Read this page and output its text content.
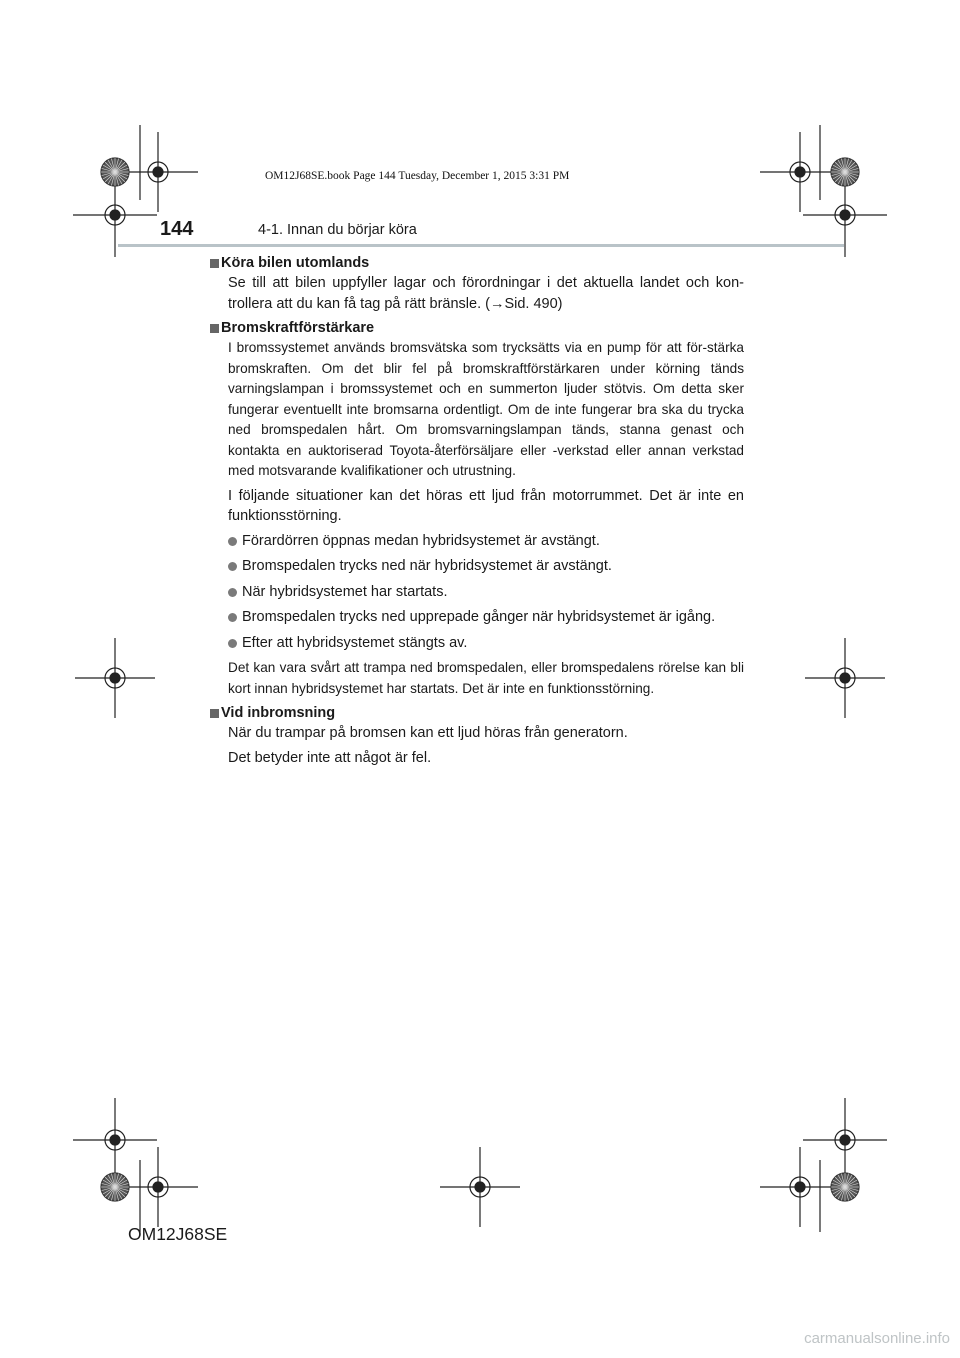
OM12J68SE.book Page 144 Tuesday, December 1, 2015 3:31 PM
144	4-1. Innan du börjar köra
Köra bilen utomlands

Se till att bilen uppfyller lagar och förordningar i det aktuella landet och kon-trollera att du kan få tag på rätt bränsle. (→Sid. 490)

Bromskraftförstärkare

I bromssystemet används bromsvätska som trycksätts via en pump för att för-stärka bromskraften. Om det blir fel på bromskraftförstärkaren under körning tänds varningslampan i bromssystemet och en summerton ljuder stötvis. Om detta sker fungerar eventuellt inte bromsarna ordentligt. Om de inte fungerar bra ska du trycka ned bromspedalen hårt. Om bromsvarningslampan tänds, stanna genast och kontakta en auktoriserad Toyota-återförsäljare eller -verkstad eller annan verkstad med motsvarande kvalifikationer och utrustning.

I följande situationer kan det höras ett ljud från motorrummet. Det är inte en funktionsstörning.

Förardörren öppnas medan hybridsystemet är avstängt.
Bromspedalen trycks ned när hybridsystemet är avstängt.
När hybridsystemet har startats.
Bromspedalen trycks ned upprepade gånger när hybridsystemet är igång.
Efter att hybridsystemet stängts av.

Det kan vara svårt att trampa ned bromspedalen, eller bromspedalens rörelse kan bli kort innan hybridsystemet har startats. Det är inte en funktionsstörning.

Vid inbromsning

När du trampar på bromsen kan ett ljud höras från generatorn.

Det betyder inte att något är fel.

OM12J68SE
carmanualsonline.info
